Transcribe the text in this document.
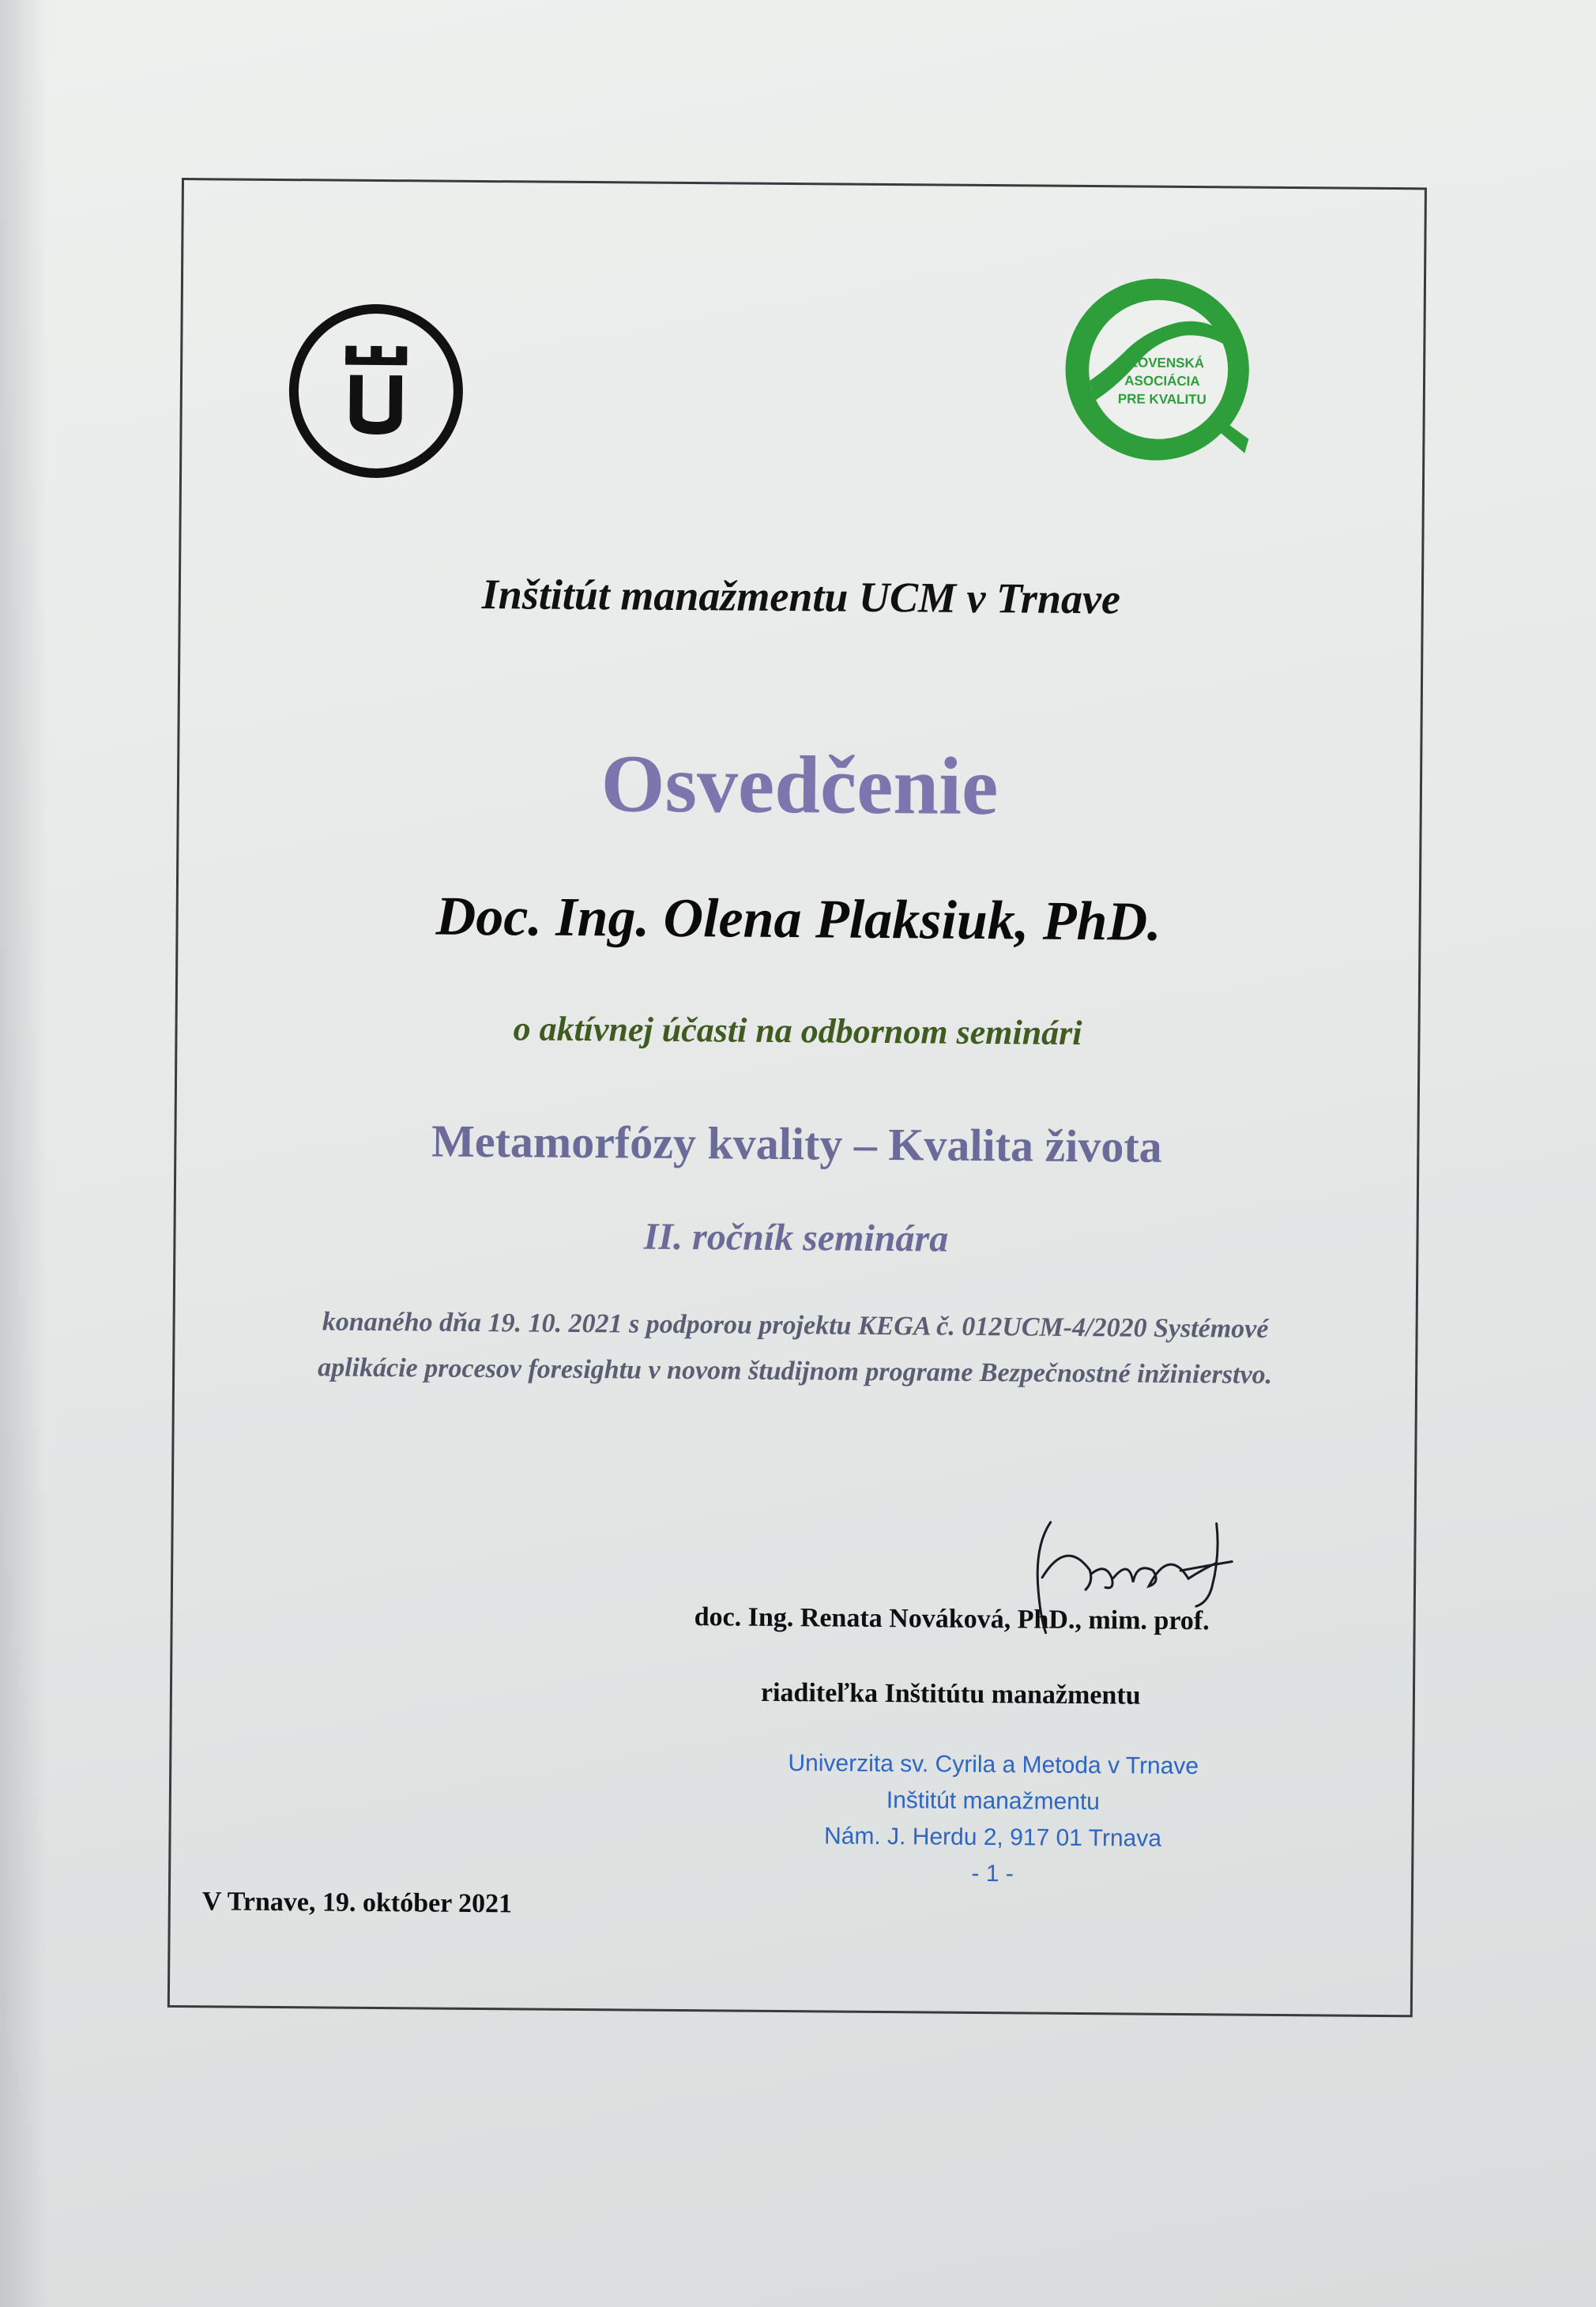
SLOVENSKÁ
ASOCIÁCIA
PRE KVALITU
Inštitút manažmentu UCM v Trnave
Osvedčenie
Doc. Ing. Olena Plaksiuk, PhD.
o aktívnej účasti na odbornom seminári
Metamorfózy kvality – Kvalita života
II. ročník seminára
konaného dňa 19. 10. 2021 s podporou projektu KEGA č. 012UCM-4/2020 Systémové
aplikácie procesov foresightu v novom študijnom programe Bezpečnostné inžinierstvo.
doc. Ing. Renata Nováková, PhD., mim. prof.
riaditeľka Inštitútu manažmentu
Univerzita sv. Cyrila a Metoda v Trnave
Inštitút manažmentu
Nám. J. Herdu 2, 917 01 Trnava
- 1 -
V Trnave, 19. október 2021
